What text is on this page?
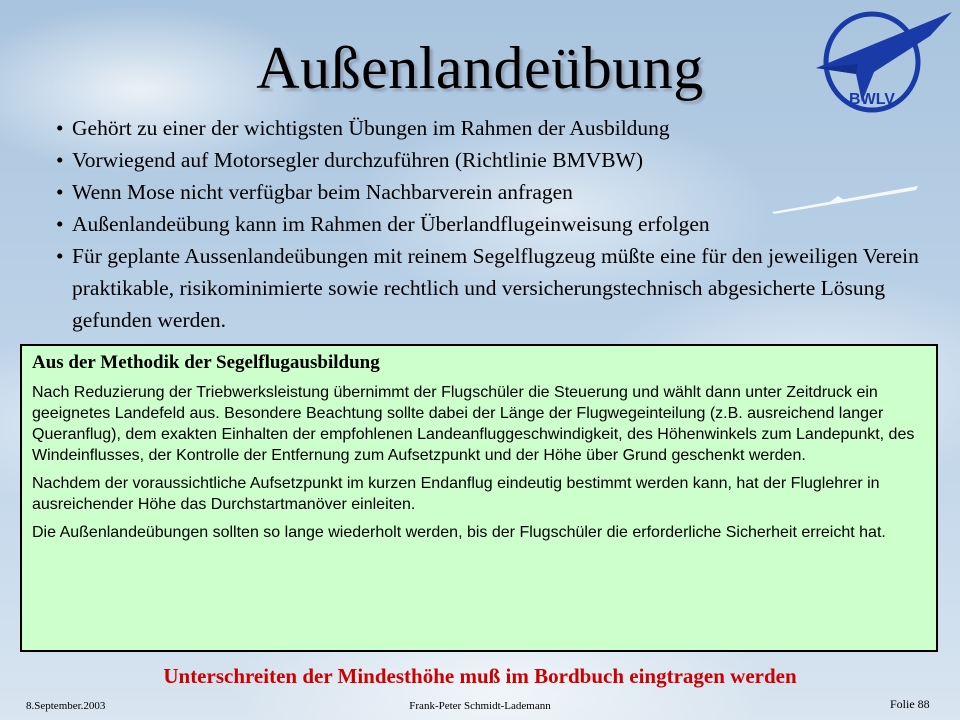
Außenlandeübung	BWLV
• Gehört zu einer der wichtigsten Übungen im Rahmen der Ausbildung
• Vorwiegend auf Motorsegler durchzuführen (Richtlinie BMVBW)
• Wenn Mose nicht verfügbar beim Nachbarverein anfragen
• Außenlandeübung kann im Rahmen der Überlandflugeinweisung erfolgen
• Für geplante Aussenlandeübungen mit reinem Segelflugzeug müßte eine für den jeweiligen Verein praktikable, risikominimierte sowie rechtlich und versicherungstechnisch abgesicherte Lösung gefunden werden.
Aus der Methodik der Segelflugausbildung

Nach Reduzierung der Triebwerksleistung übernimmt der Flugschüler die Steuerung und wählt dann unter Zeitdruck ein geeignetes Landefeld aus. Besondere Beachtung sollte dabei der Länge der Flugwegeinteilung (z.B. ausreichend langer Queranflug), dem exakten Einhalten der empfohlenen Landeanfluggeschwindigkeit, des Höhenwinkels zum Landepunkt, des Windeinflusses, der Kontrolle der Entfernung zum Aufsetzpunkt und der Höhe über Grund geschenkt werden.

Nachdem der voraussichtliche Aufsetzpunkt im kurzen Endanflug eindeutig bestimmt werden kann, hat der Fluglehrer in ausreichender Höhe das Durchstartmanöver einleiten.

Die Außenlandeübungen sollten so lange wiederholt werden, bis der Flugschüler die erforderliche Sicherheit erreicht hat.

Unterschreiten der Mindesthöhe muß im Bordbuch eingtragen werden
8.September.2003	Frank-Peter Schmidt-Lademann	Folie 88
